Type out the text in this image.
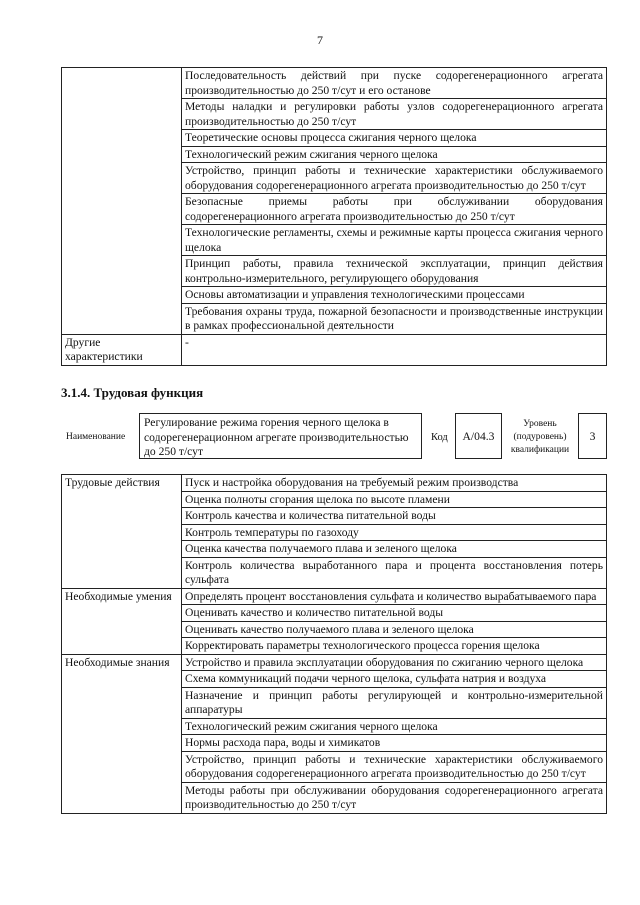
7
	Последовательность действий при пуске содорегенерационного агрегата производительностью до 250 т/сут и его останове
	Методы наладки и регулировки работы узлов содорегенерационного агрегата производительностью до 250 т/сут
	Теоретические основы процесса сжигания черного щелока
	Технологический режим сжигания черного щелока
	Устройство, принцип работы и технические характеристики обслуживаемого оборудования содорегенерационного агрегата производительностью до 250 т/сут
	Безопасные приемы работы при обслуживании оборудования содорегенерационного агрегата производительностью до 250 т/сут
	Технологические регламенты, схемы и режимные карты процесса сжигания черного щелока
	Принцип работы, правила технической эксплуатации, принцип действия контрольно-измерительного, регулирующего оборудования
	Основы автоматизации и управления технологическими процессами
	Требования охраны труда, пожарной безопасности и производственные инструкции в рамках профессиональной деятельности
Другие характеристики	-
3.1.4. Трудовая функция
Наименование
Регулирование режима горения черного щелока в содорегенерационном агрегате производительностью до 250 т/сут
Код	А/04.3
Уровень (подуровень) квалификации
3
Трудовые действия	Пуск и настройка оборудования на требуемый режим производства
	Оценка полноты сгорания щелока по высоте пламени
	Контроль качества и количества питательной воды
	Контроль температуры по газоходу
	Оценка качества получаемого плава и зеленого щелока
	Контроль количества выработанного пара и процента восстановления потерь сульфата
Необходимые умения	Определять процент восстановления сульфата и количество вырабатываемого пара
	Оценивать качество и количество питательной воды
	Оценивать качество получаемого плава и зеленого щелока
	Корректировать параметры технологического процесса горения щелока
Необходимые знания	Устройство и правила эксплуатации оборудования по сжиганию черного щелока
	Схема коммуникаций подачи черного щелока, сульфата натрия и воздуха
	Назначение и принцип работы регулирующей и контрольно-измерительной аппаратуры
	Технологический режим сжигания черного щелока
	Нормы расхода пара, воды и химикатов
	Устройство, принцип работы и технические характеристики обслуживаемого оборудования содорегенерационного агрегата производительностью до 250 т/сут
	Методы работы при обслуживании оборудования содорегенерационного агрегата производительностью до 250 т/сут
